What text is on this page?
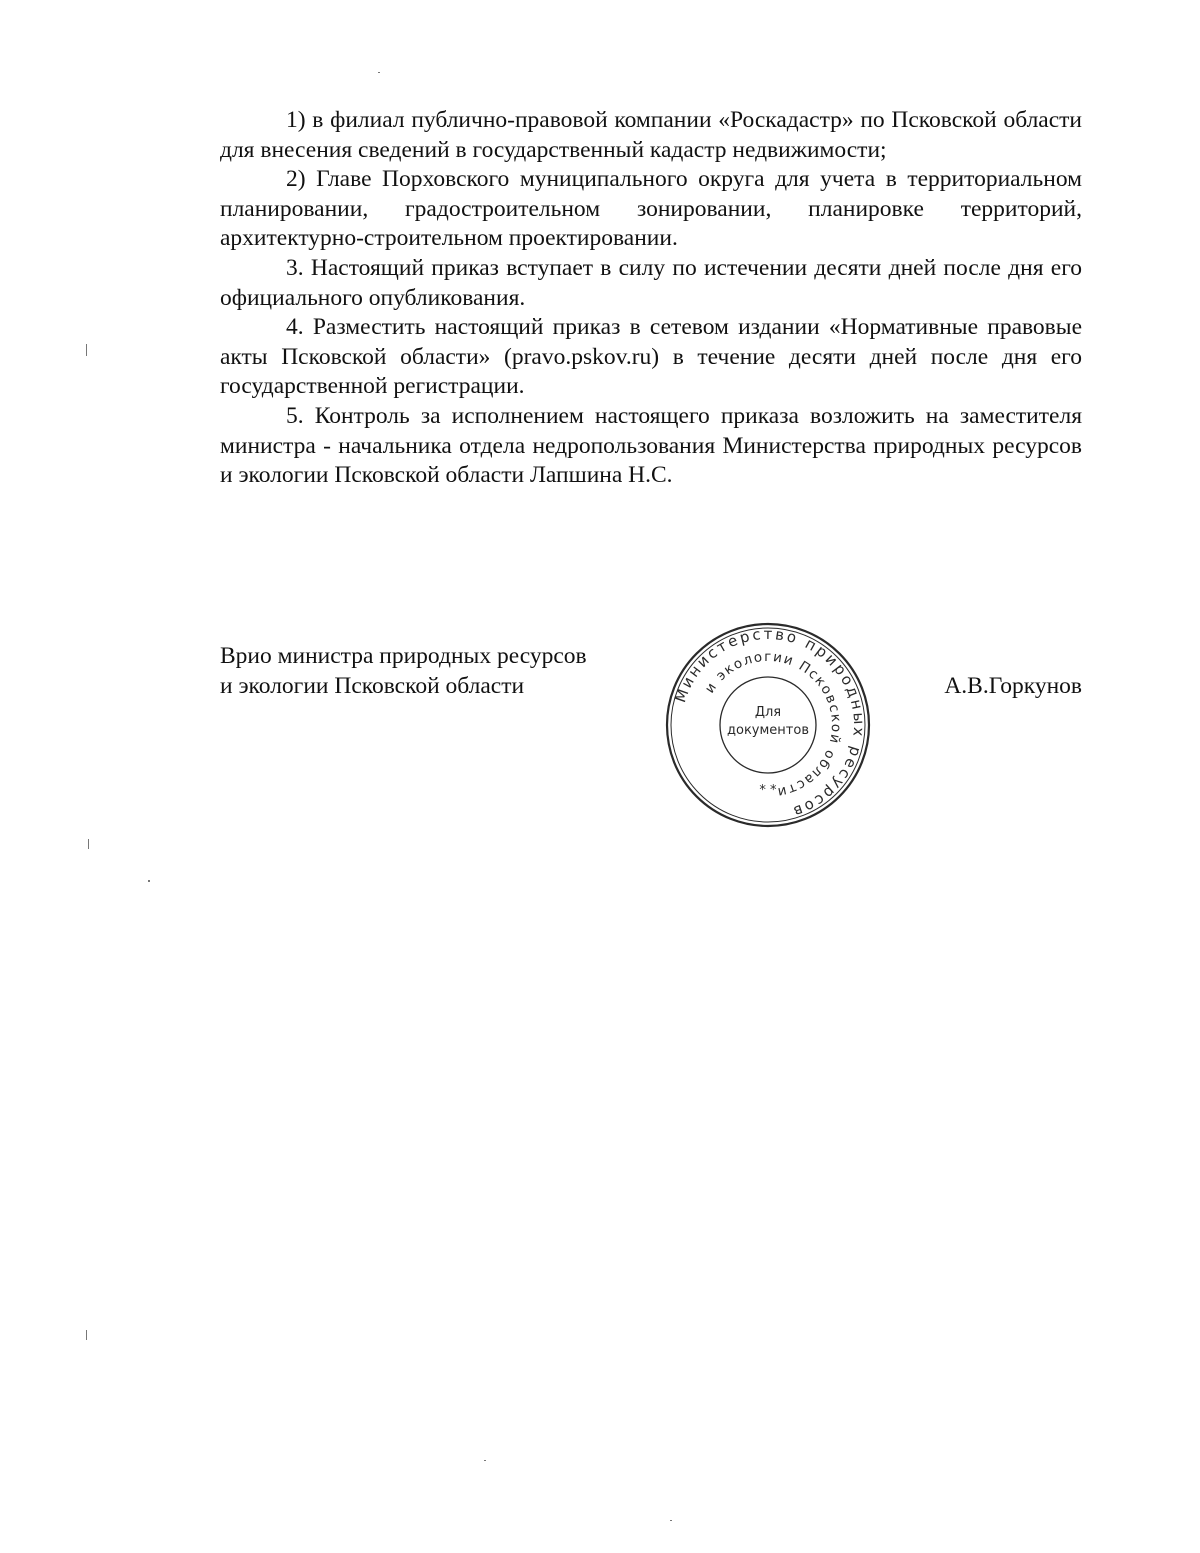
1) в филиал публично-правовой компании «Роскадастр» по Псковской области для внесения сведений в государственный кадастр недвижимости;

2) Главе Порховского муниципального округа для учета в территориальном планировании, градостроительном зонировании, планировке территорий, архитектурно-строительном проектировании.

3. Настоящий приказ вступает в силу по истечении десяти дней после дня его официального опубликования.

4. Разместить настоящий приказ в сетевом издании «Нормативные правовые акты Псковской области» (pravo.pskov.ru) в течение десяти дней после дня его государственной регистрации.

5. Контроль за исполнением настоящего приказа возложить на заместителя министра - начальника отдела недропользования Министерства природных ресурсов и экологии Псковской области Лапшина Н.С.

Врио министра природных ресурсов
и экологии Псковской области	Министерство природных ресурсов
и экологии Псковской области
Для
документов
* *
А.В.Горкунов
